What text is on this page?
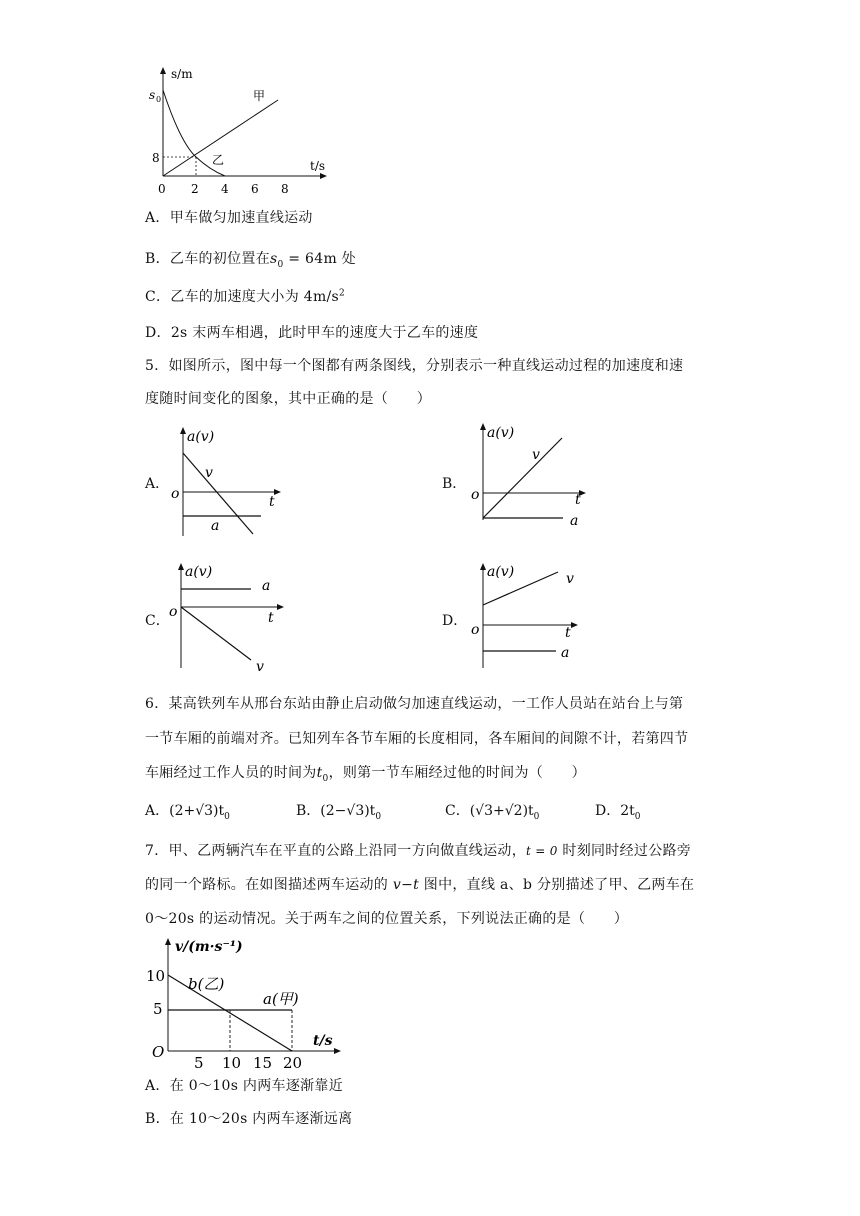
s/m
s 0
8
t/s
0 2 4 6 8
甲
乙
A．甲车做匀加速直线运动
B．乙车的初位置在$s_0 = 64m$ 处
C．乙车的加速度大小为 $4m/s^2$
D．2s 末两车相遇，此时甲车的速度大于乙车的速度
5．如图所示，图中每一个图都有两条图线，分别表示一种直线运动过程的加速度和速
度随时间变化的图象，其中正确的是（　　）
A．
a(v)
t
o
v
a
B．
a(v)
t
o
v
a
C．
a(v)
t
o
a
v
D．
a(v)
t
o
v
a
6．某高铁列车从邢台东站由静止启动做匀加速直线运动，一工作人员站在站台上与第
一节车厢的前端对齐。已知列车各节车厢的长度相同，各车厢间的间隙不计，若第四节
车厢经过工作人员的时间为$t_0$，则第一节车厢经过他的时间为（　　）
A．$(2+√3)t_0$	B．$(2-√3)t_0$	C．$(√3+√2)t_0$	D．$2t_0$
7．甲、乙两辆汽车在平直的公路上沿同一方向做直线运动，t = 0 时刻同时经过公路旁
的同一个路标。在如图描述两车运动的 v−t 图中，直线 a、b 分别描述了甲、乙两车在
0～20s 的运动情况。关于两车之间的位置关系，下列说法正确的是（　　）
v/(m·s⁻¹)
10
5
O
5 10 15 20
t/s
b(乙)
a(甲)
A．在 0～10s 内两车逐渐靠近
B．在 10～20s 内两车逐渐远离
